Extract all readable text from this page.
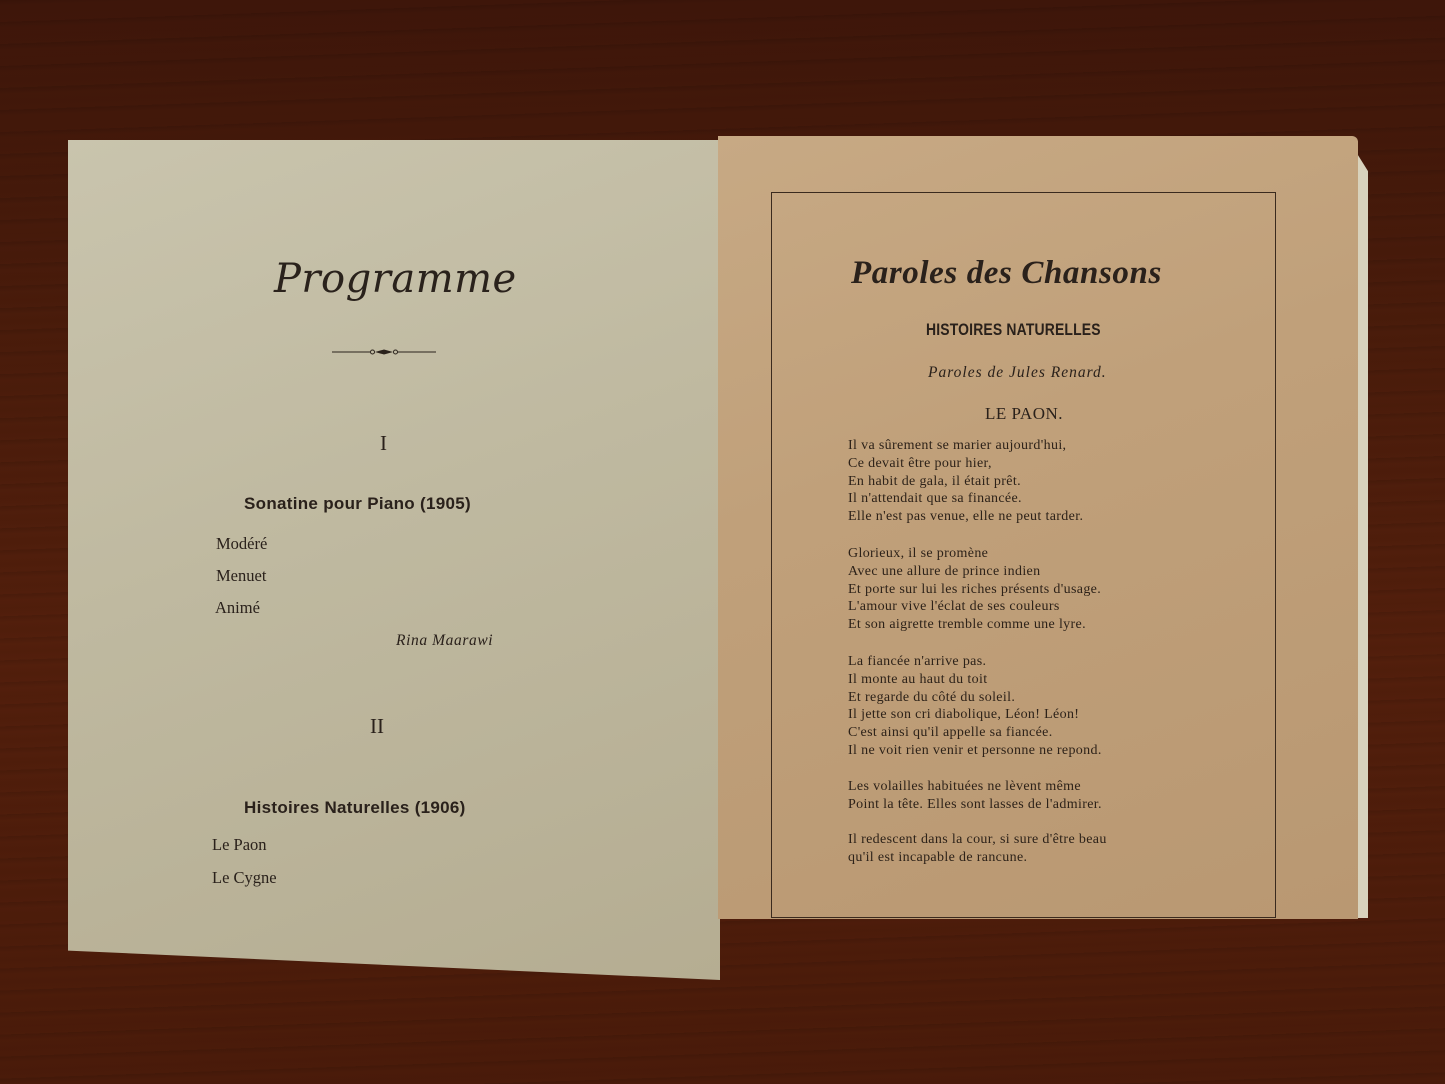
Programme
I
Sonatine pour Piano (1905)
Modéré
Menuet
Animé
Rina Maarawi
II
Histoires Naturelles (1906)
Le Paon
Le Cygne
Paroles des Chansons
HISTOIRES NATURELLES
Paroles de Jules Renard.
LE PAON.
Il va sûrement se marier aujourd'hui,
Ce devait être pour hier,
En habit de gala, il était prêt.
Il n'attendait que sa financée.
Elle n'est pas venue, elle ne peut tarder.
Glorieux, il se promène
Avec une allure de prince indien
Et porte sur lui les riches présents d'usage.
L'amour vive l'éclat de ses couleurs
Et son aigrette tremble comme une lyre.
La fiancée n'arrive pas.
Il monte au haut du toit
Et regarde du côté du soleil.
Il jette son cri diabolique, Léon! Léon!
C'est ainsi qu'il appelle sa fiancée.
Il ne voit rien venir et personne ne repond.
Les volailles habituées ne lèvent même
Point la tête. Elles sont lasses de l'admirer.
Il redescent dans la cour, si sure d'être beau
qu'il est incapable de rancune.
